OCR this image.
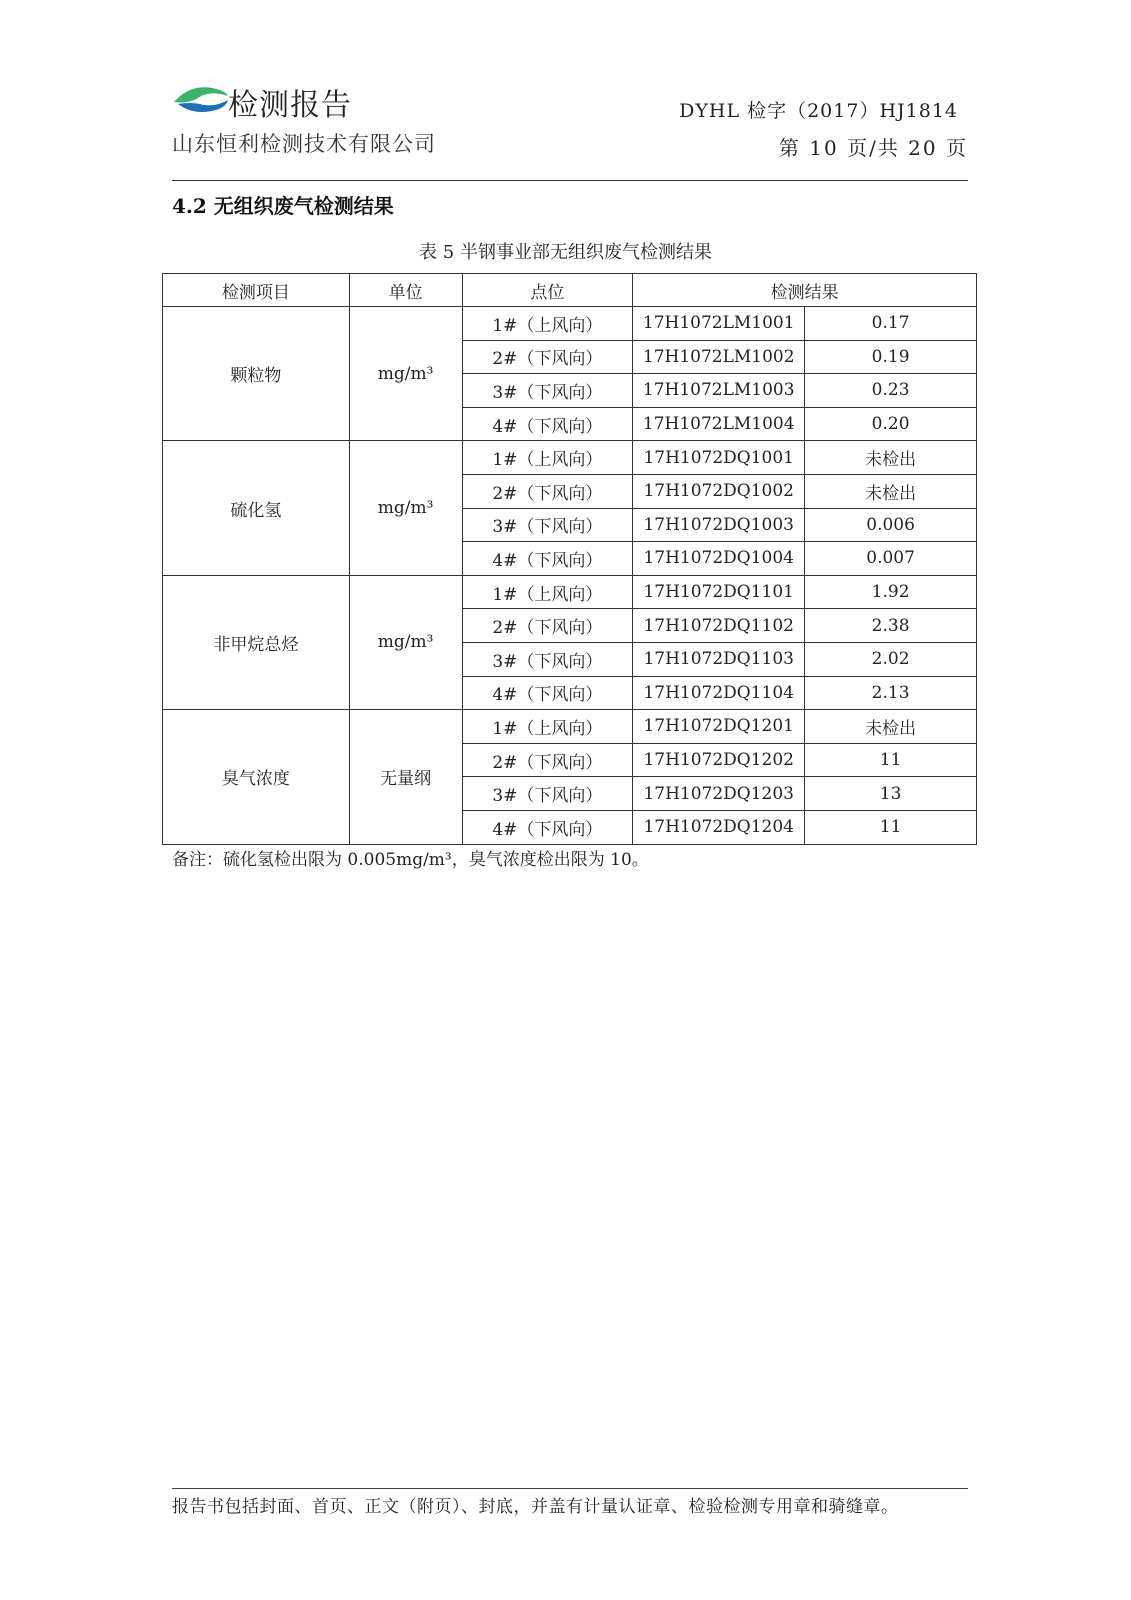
检测报告
山东恒利检测技术有限公司
DYHL 检字（2017）HJ1814
第 10 页/共 20 页
4.2 无组织废气检测结果
表 5 半钢事业部无组织废气检测结果
检测项目	单位	点位	检测结果	
颗粒物	mg/m³	1#（上风向）	17H1072LM1001	0.17
		2#（下风向）	17H1072LM1002	0.19
		3#（下风向）	17H1072LM1003	0.23
		4#（下风向）	17H1072LM1004	0.20
硫化氢	mg/m³	1#（上风向）	17H1072DQ1001	未检出
		2#（下风向）	17H1072DQ1002	未检出
		3#（下风向）	17H1072DQ1003	0.006
		4#（下风向）	17H1072DQ1004	0.007
非甲烷总烃	mg/m³	1#（上风向）	17H1072DQ1101	1.92
		2#（下风向）	17H1072DQ1102	2.38
		3#（下风向）	17H1072DQ1103	2.02
		4#（下风向）	17H1072DQ1104	2.13
臭气浓度	无量纲	1#（上风向）	17H1072DQ1201	未检出
		2#（下风向）	17H1072DQ1202	11
		3#（下风向）	17H1072DQ1203	13
		4#（下风向）	17H1072DQ1204	11
备注：硫化氢检出限为 0.005mg/m³，臭气浓度检出限为 10。
报告书包括封面、首页、正文（附页）、封底，并盖有计量认证章、检验检测专用章和骑缝章。
